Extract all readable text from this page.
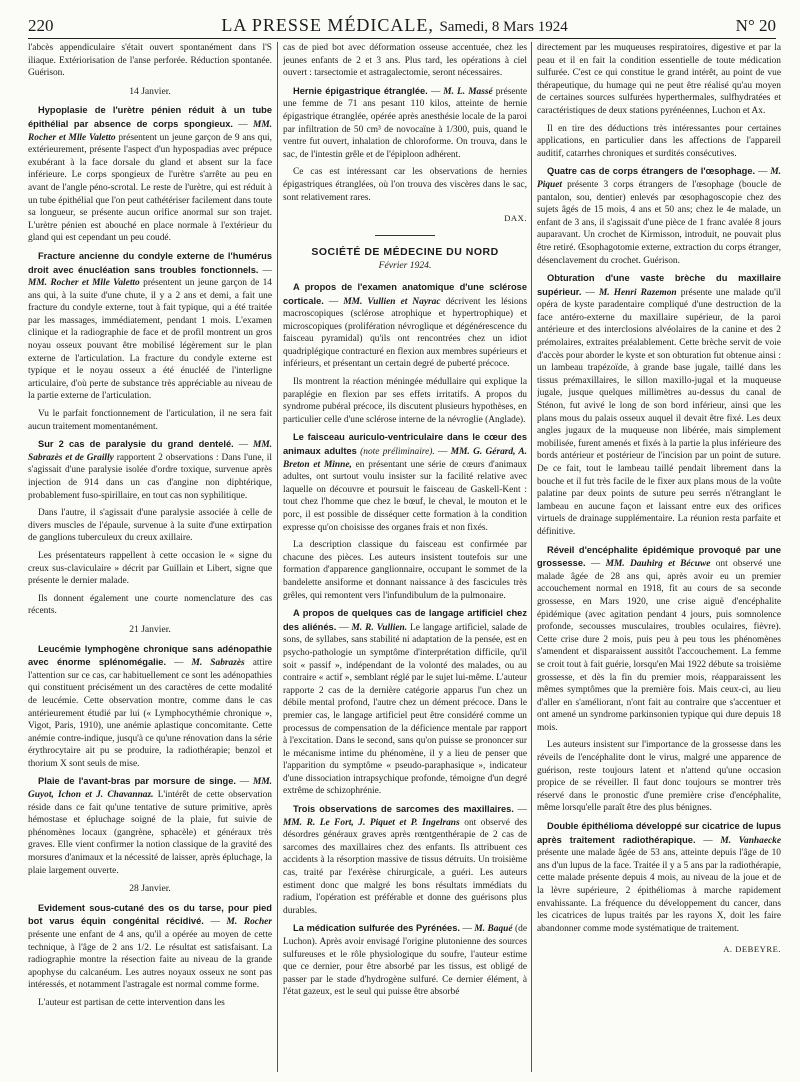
220	LA PRESSE MÉDICALE, Samedi, 8 Mars 1924	N° 20

l'abcès appendiculaire s'était ouvert spontanément dans l'S iliaque. Extériorisation de l'anse perforée. Réduction spontanée. Guérison.

14 Janvier.

Hypoplasie de l'urètre pénien réduit à un tube épithélial par absence de corps spongieux. — MM. Rocher et Mlle Valetto présentent un jeune garçon de 9 ans qui, extérieurement, présente l'aspect d'un hypospadias avec prépuce exubérant à la face dorsale du gland et absent sur la face inférieure. Le corps spongieux de l'urètre s'arrête au peu en avant de l'angle péno-scrotal. Le reste de l'urètre, qui est réduit à un tube épithélial que l'on peut cathétériser facilement dans toute sa longueur, se présente aucun orifice anormal sur son trajet. L'urètre pénien est abouché en place normale à l'extérieur du gland qui est cependant un peu coudé.

Fracture ancienne du condyle externe de l'humérus droit avec énucléation sans troubles fonctionnels. — MM. Rocher et Mlle Valetto présentent un jeune garçon de 14 ans qui, à la suite d'une chute, il y a 2 ans et demi, a fait une fracture du condyle externe, tout à fait typique, qui a été traitée par les massages, immédiatement, pendant 1 mois. L'examen clinique et la radiographie de face et de profil montrent un gros noyau osseux pouvant être mobilisé légèrement sur le plan externe de l'articulation. La fracture du condyle externe est typique et le noyau osseux a été énucléé de l'interligne articulaire, d'où perte de substance très appréciable au niveau de la partie externe de l'articulation.

Vu le parfait fonctionnement de l'articulation, il ne sera fait aucun traitement momentanément.

Sur 2 cas de paralysie du grand dentelé. — MM. Sabrazès et de Grailly rapportent 2 observations : Dans l'une, il s'agissait d'une paralysie isolée d'ordre toxique, survenue après injection de 914 dans un cas d'angine non diphtérique, probablement fuso-spirillaire, en tout cas non syphilitique.

Dans l'autre, il s'agissait d'une paralysie associée à celle de divers muscles de l'épaule, survenue à la suite d'une extirpation de ganglions tuberculeux du creux axillaire.

Les présentateurs rappellent à cette occasion le « signe du creux sus-claviculaire » décrit par Guillain et Libert, signe que présente le dernier malade.

Ils donnent également une courte nomenclature des cas récents.

21 Janvier.

Leucémie lymphogène chronique sans adénopathie avec énorme splénomégalie. — M. Sabrazès attire l'attention sur ce cas, car habituellement ce sont les adénopathies qui constituent précisément un des caractères de cette modalité de leucémie. Cette observation montre, comme dans le cas antérieurement étudié par lui (« Lymphocythémie chronique », Vigot, Paris, 1910), une anémie aplastique concomitante. Cette anémie contre-indique, jusqu'à ce qu'une rénovation dans la série érythrocytaire ait pu se produire, la radiothérapie; benzol et thorium X sont seuls de mise.

Plaie de l'avant-bras par morsure de singe. — MM. Guyot, Ichon et J. Chavannaz. L'intérêt de cette observation réside dans ce fait qu'une tentative de suture primitive, après hémostase et épluchage soigné de la plaie, fut suivie de phénomènes locaux (gangrène, sphacèle) et généraux très graves. Elle vient confirmer la notion classique de la gravité des morsures d'animaux et la nécessité de laisser, après épluchage, la plaie largement ouverte.

28 Janvier.

Evidement sous-cutané des os du tarse, pour pied bot varus équin congénital récidivé. — M. Rocher présente une enfant de 4 ans, qu'il a opérée au moyen de cette technique, à l'âge de 2 ans 1/2. Le résultat est satisfaisant. La radiographie montre la résection faite au niveau de la grande apophyse du calcanéum. Les autres noyaux osseux ne sont pas intéressés, et notamment l'astragale est normal comme forme.

L'auteur est partisan de cette intervention dans les

cas de pied bot avec déformation osseuse accentuée, chez les jeunes enfants de 2 et 3 ans. Plus tard, les opérations à ciel ouvert : tarsectomie et astragalectomie, seront nécessaires.

Hernie épigastrique étranglée. — M. L. Massé présente une femme de 71 ans pesant 110 kilos, atteinte de hernie épigastrique étranglée, opérée après anesthésie locale de la paroi par infiltration de 50 cm³ de novocaïne à 1/300, puis, quand le ventre fut ouvert, inhalation de chloroforme. On trouva, dans le sac, de l'intestin grêle et de l'épiploon adhérent.

Ce cas est intéressant car les observations de hernies épigastriques étranglées, où l'on trouva des viscères dans le sac, sont relativement rares.

DAX.
SOCIÉTÉ DE MÉDECINE DU NORD
Février 1924.

A propos de l'examen anatomique d'une sclérose corticale. — MM. Vullien et Nayrac décrivent les lésions macroscopiques (sclérose atrophique et hypertrophique) et microscopiques (prolifération névroglique et dégénérescence du faisceau pyramidal) qu'ils ont rencontrées chez un idiot quadriplégique contracturé en flexion aux membres supérieurs et inférieurs, et présentant un certain degré de puberté précoce.

Ils montrent la réaction méningée médullaire qui explique la paraplégie en flexion par ses effets irritatifs. A propos du syndrome pubéral précoce, ils discutent plusieurs hypothèses, en particulier celle d'une sclérose interne de la névroglie (Anglade).

Le faisceau auriculo-ventriculaire dans le cœur des animaux adultes (note préliminaire). — MM. G. Gérard, A. Breton et Minne, en présentant une série de cœurs d'animaux adultes, ont surtout voulu insister sur la facilité relative avec laquelle on découvre et poursuit le faisceau de Gaskell-Kent : tout chez l'homme que chez le bœuf, le cheval, le mouton et le porc, il est possible de disséquer cette formation à la condition expresse qu'on choisisse des organes frais et non fixés.

La description classique du faisceau est confirmée par chacune des pièces. Les auteurs insistent toutefois sur une formation d'apparence ganglionnaire, occupant le sommet de la bandelette ansiforme et donnant naissance à des fascicules très grêles, qui remontent vers l'infundibulum de la pulmonaire.

A propos de quelques cas de langage artificiel chez des aliénés. — M. R. Vullien. Le langage artificiel, salade de sons, de syllabes, sans stabilité ni adaptation de la pensée, est en psycho-pathologie un symptôme d'interprétation difficile, qu'il soit « passif », indépendant de la volonté des malades, ou au contraire « actif », semblant réglé par le sujet lui-même. L'auteur rapporte 2 cas de la dernière catégorie apparus l'un chez un débile mental profond, l'autre chez un dément précoce. Dans le premier cas, le langage artificiel peut être considéré comme un processus de compensation de la déficience mentale par rapport à l'excitation. Dans le second, sans qu'on puisse se prononcer sur le mécanisme intime du phénomène, il y a lieu de penser que l'apparition du symptôme « pseudo-paraphasique », indicateur d'une dissociation intrapsychique profonde, témoigne d'un degré extrême de schizophrénie.

Trois observations de sarcomes des maxillaires. — MM. R. Le Fort, J. Piquet et P. Ingelrans ont observé des désordres généraux graves après rœntgenthérapie de 2 cas de sarcomes des maxillaires chez des enfants. Ils attribuent ces accidents à la résorption massive de tissus détruits. Un troisième cas, traité par l'exérèse chirurgicale, a guéri. Les auteurs estiment donc que malgré les bons résultats immédiats du radium, l'opération est préférable et donne des guérisons plus durables.

La médication sulfurée des Pyrénées. — M. Baqué (de Luchon). Après avoir envisagé l'origine plutonienne des sources sulfureuses et le rôle physiologique du soufre, l'auteur estime que ce dernier, pour être absorbé par les tissus, est obligé de passer par le stade d'hydrogène sulfuré. Ce dernier élément, à l'état gazeux, est le seul qui puisse être absorbé

directement par les muqueuses respiratoires, digestive et par la peau et il en fait la condition essentielle de toute médication sulfurée. C'est ce qui constitue le grand intérêt, au point de vue thérapeutique, du humage qui ne peut être réalisé qu'au moyen de certaines sources sulfurées hyperthermales, sulfhydratées et caractéristiques de deux stations pyrénéennes, Luchon et Ax.

Il en tire des déductions très intéressantes pour certaines applications, en particulier dans les affections de l'appareil auditif, catarrhes chroniques et surdités consécutives.

Quatre cas de corps étrangers de l'œsophage. — M. Piquet présente 3 corps étrangers de l'œsophage (boucle de pantalon, sou, dentier) enlevés par œsophagoscopie chez des sujets âgés de 15 mois, 4 ans et 50 ans; chez le 4e malade, un enfant de 3 ans, il s'agissait d'une pièce de 1 franc avalée 8 jours auparavant. Un crochet de Kirmisson, introduit, ne pouvait plus être retiré. Œsophagotomie externe, extraction du corps étranger, désenclavement du crochet. Guérison.

Obturation d'une vaste brèche du maxillaire supérieur. — M. Henri Razemon présente une malade qu'il opéra de kyste paradentaire compliqué d'une destruction de la face antéro-externe du maxillaire supérieur, de la paroi antérieure et des interclosions alvéolaires de la canine et des 2 prémolaires, extraites préalablement. Cette brèche servit de voie d'accès pour aborder le kyste et son obturation fut obtenue ainsi : un lambeau trapézoïde, à grande base jugale, taillé dans les tissus prémaxillaires, le sillon maxillo-jugal et la muqueuse jugale, jusque quelques millimètres au-dessus du canal de Sténon, fut avivé le long de son bord inférieur, ainsi que les plans mous du palais osseux auquel il devait être fixé. Les deux angles jugaux de la muqueuse non libérée, mais simplement mobilisée, furent amenés et fixés à la partie la plus inférieure des bords antérieur et postérieur de l'incision par un point de suture. De ce fait, tout le lambeau taillé pendait librement dans la bouche et il fut très facile de le fixer aux plans mous de la voûte palatine par deux points de suture peu serrés n'étranglant le lambeau en aucune façon et laissant entre eux des orifices virtuels de drainage supplémentaire. La réunion resta parfaite et définitive.

Réveil d'encéphalite épidémique provoqué par une grossesse. — MM. Dauhirg et Bécuwe ont observé une malade âgée de 28 ans qui, après avoir eu un premier accouchement normal en 1918, fit au cours de sa seconde grossesse, en Mars 1920, une crise aiguë d'encéphalite épidémique (avec agitation pendant 4 jours, puis somnolence profonde, secousses musculaires, troubles oculaires, fièvre). Cette crise dure 2 mois, puis peu à peu tous les phénomènes s'amendent et disparaissent aussitôt l'accouchement. La femme se croit tout à fait guérie, lorsqu'en Mai 1922 débute sa troisième grossesse, et dès la fin du premier mois, réapparaissent les mêmes symptômes que la première fois. Mais ceux-ci, au lieu d'aller en s'améliorant, n'ont fait au contraire que s'accentuer et ont amené un syndrome parkinsonien typique qui dure depuis 18 mois.

Les auteurs insistent sur l'importance de la grossesse dans les réveils de l'encéphalite dont le virus, malgré une apparence de guérison, reste toujours latent et n'attend qu'une occasion propice de se réveiller. Il faut donc toujours se montrer très réservé dans le pronostic d'une première crise d'encéphalite, même lorsqu'elle paraît être des plus bénignes.

Double épithélioma développé sur cicatrice de lupus après traitement radiothérapique. — M. Vanhaecke présente une malade âgée de 53 ans, atteinte depuis l'âge de 10 ans d'un lupus de la face. Traitée il y a 5 ans par la radiothérapie, cette malade présente depuis 4 mois, au niveau de la joue et de la lèvre supérieure, 2 épithéliomas à marche rapidement envahissante. La fréquence du développement du cancer, dans les cicatrices de lupus traités par les rayons X, doit les faire abandonner comme mode systématique de traitement.

A. DEBEYRE.
